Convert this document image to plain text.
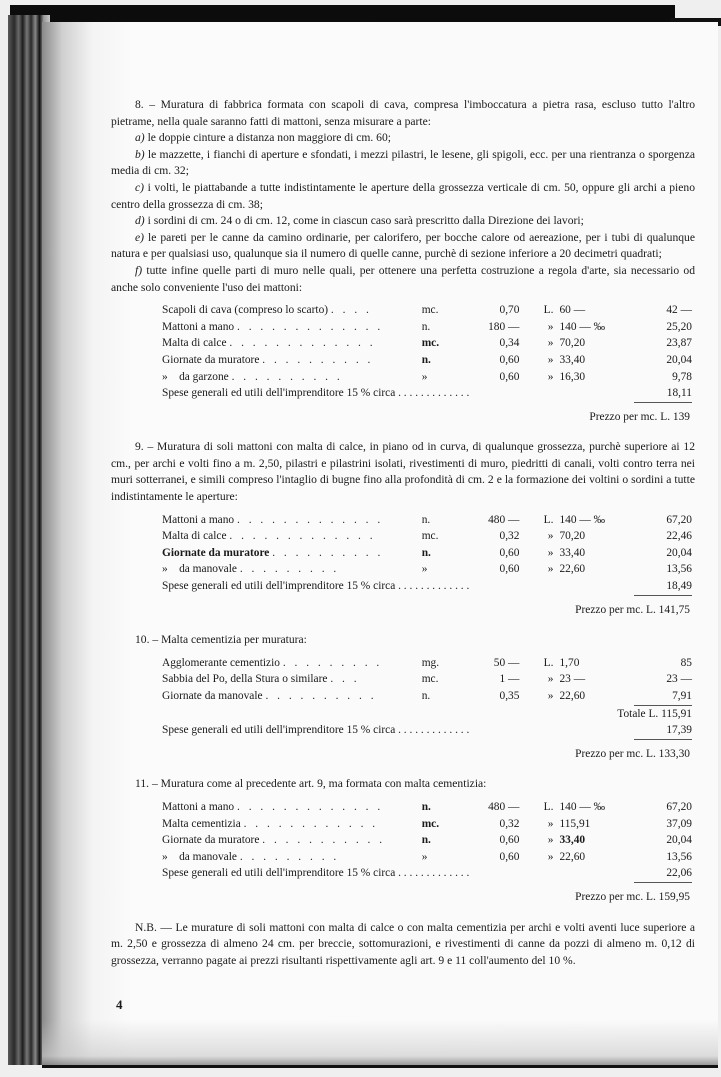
8. – Muratura di fabbrica formata con scapoli di cava, compresa l'imboccatura a pietra rasa, escluso tutto l'altro pietrame, nella quale saranno fatti di mattoni, senza misurare a parte:

a) le doppie cinture a distanza non maggiore di cm. 60;

b) le mazzette, i fianchi di aperture e sfondati, i mezzi pilastri, le lesene, gli spigoli, ecc. per una rientranza o sporgenza media di cm. 32;

c) i volti, le piattabande a tutte indistintamente le aperture della grossezza verticale di cm. 50, oppure gli archi a pieno centro della grossezza di cm. 38;

d) i sordini di cm. 24 o di cm. 12, come in ciascun caso sarà prescritto dalla Direzione dei lavori;

e) le pareti per le canne da camino ordinarie, per calorifero, per bocche calore od aereazione, per i tubi di qualunque natura e per qualsiasi uso, qualunque sia il numero di quelle canne, purchè di sezione inferiore a 20 decimetri quadrati;

f) tutte infine quelle parti di muro nelle quali, per ottenere una perfetta costruzione a regola d'arte, sia necessario od anche solo conveniente l'uso dei mattoni:

Scapoli di cava (compreso lo scarto) . . . .	mc.	0,70	L.	60 —	42 —
Mattoni a mano . . . . . . . . . . . . .	n.	180 —	»	140 — ‰	25,20
Malta di calce . . . . . . . . . . . . .	mc.	0,34	»	70,20	23,87
Giornate da muratore . . . . . . . . . .	n.	0,60	»	33,40	20,04
»    da garzone . . . . . . . . . .	»	0,60	»	16,30	9,78
Spese generali ed utili dell'imprenditore 15 % circa . . . . . . . . . . . . .					18,11

Prezzo per mc. L. 139

9. – Muratura di soli mattoni con malta di calce, in piano od in curva, di qualunque grossezza, purchè superiore ai 12 cm., per archi e volti fino a m. 2,50, pilastri e pilastrini isolati, rivestimenti di muro, piedritti di canali, volti contro terra nei muri sotterranei, e simili compreso l'intaglio di bugne fino alla profondità di cm. 2 e la formazione dei voltini o sordini a tutte indistintamente le aperture:

Mattoni a mano . . . . . . . . . . . . .	n.	480 —	L.	140 — ‰	67,20
Malta di calce . . . . . . . . . . . . .	mc.	0,32	»	70,20	22,46
Giornate da muratore . . . . . . . . . .	n.	0,60	»	33,40	20,04
»    da manovale . . . . . . . . .	»	0,60	»	22,60	13,56
Spese generali ed utili dell'imprenditore 15 % circa . . . . . . . . . . . . .					18,49

Prezzo per mc. L. 141,75

10. – Malta cementizia per muratura:

Agglomerante cementizio . . . . . . . . .	mg.	50 —	L.	1,70	85
Sabbia del Po, della Stura o similare . . .	mc.	1 —	»	23 —	23 —
Giornate da manovale . . . . . . . . . .	n.	0,35	»	22,60	7,91
Totale L. 115,91					
Spese generali ed utili dell'imprenditore 15 % circa . . . . . . . . . . . . .					17,39

Prezzo per mc. L. 133,30

11. – Muratura come al precedente art. 9, ma formata con malta cementizia:

Mattoni a mano . . . . . . . . . . . . .	n.	480 —	L.	140 — ‰	67,20
Malta cementizia . . . . . . . . . . . .	mc.	0,32	»	115,91	37,09
Giornate da muratore . . . . . . . . . . .	n.	0,60	»	33,40	20,04
»    da manovale . . . . . . . . .	»	0,60	»	22,60	13,56
Spese generali ed utili dell'imprenditore 15 % circa . . . . . . . . . . . . .					22,06

Prezzo per mc. L. 159,95

N.B. — Le murature di soli mattoni con malta di calce o con malta cementizia per archi e volti aventi luce superiore a m. 2,50 e grossezza di almeno 24 cm. per breccie, sottomurazioni, e rivestimenti di canne da pozzi di almeno m. 0,12 di grossezza, verranno pagate ai prezzi risultanti rispettivamente agli art. 9 e 11 coll'aumento del 10 %.

4
